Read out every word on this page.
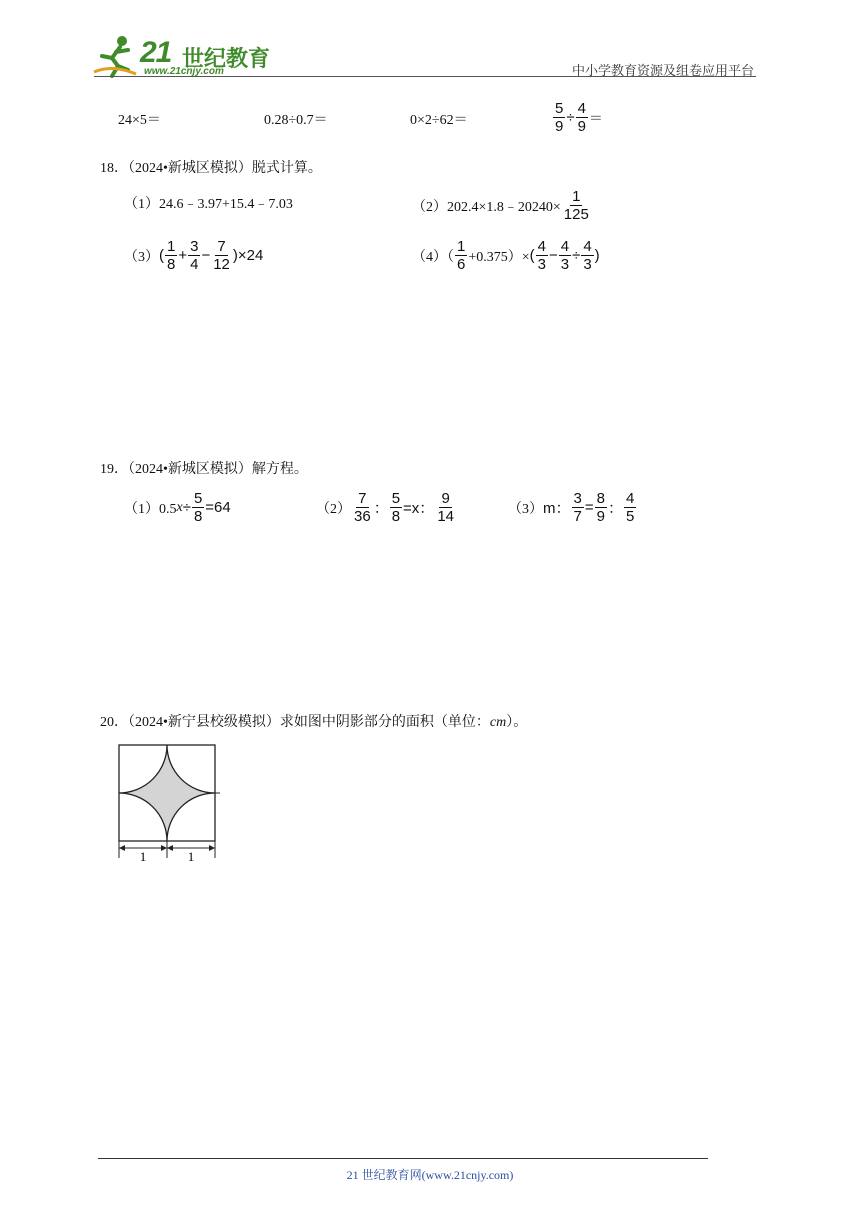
21 世纪教育
www.21cnjy.com	中小学教育资源及组卷应用平台
24×5＝	0.28÷0.7＝	0×2÷62＝	$\frac{5}{9} \div \frac{4}{9}$ ＝
18．（2024•新城区模拟）脱式计算。
（1）24.6﹣3.97+15.4﹣7.03	（2）202.4×1.8﹣20240× $\frac{1}{125}$
（3） ( $\frac{1}{8} + \frac{3}{4} - \frac{7}{12}$ ) ×24	$(4)( \frac{1}{6} +0.375)\times$ ( $\frac{4}{3} - \frac{4}{3} \div \frac{4}{3}$ )
19．（2024•新城区模拟）解方程。
（1）0.5 $x \div \frac{5}{8} =64$	$(2) \frac{7}{36}$ ： $\frac{5}{8} =x$： $\frac{9}{14}$	（3） m： $\frac{3}{7} = \frac{8}{9}$ ： $\frac{4}{5}$
20．（2024•新宁县校级模拟）求如图中阴影部分的面积（单位：cm）。
1	1
21 世纪教育网(www.21cnjy.com)
